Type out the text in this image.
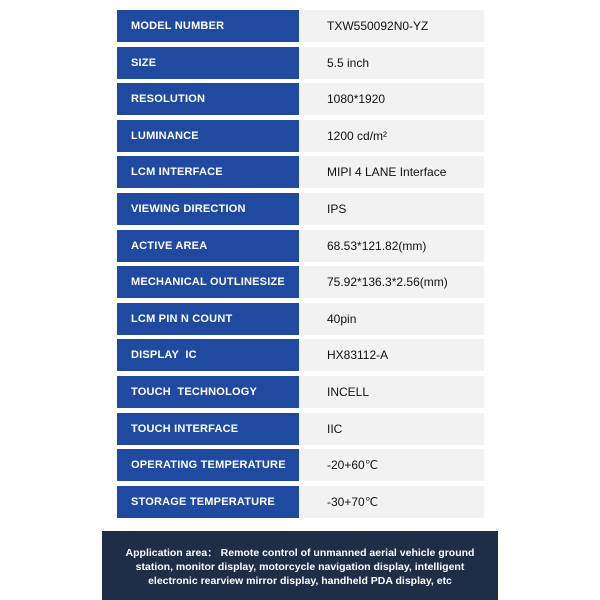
MODEL NUMBER	TXW550092N0-YZ
SIZE	5.5 inch
RESOLUTION	1080*1920
LUMINANCE	1200 cd/m²
LCM INTERFACE	MIPI 4 LANE Interface
VIEWING DIRECTION	IPS
ACTIVE AREA	68.53*121.82(mm)
MECHANICAL OUTLINESIZE	75.92*136.3*2.56(mm)
LCM PIN N COUNT	40pin
DISPLAY  IC	HX83112-A
TOUCH  TECHNOLOGY	INCELL
TOUCH INTERFACE	IIC
OPERATING TEMPERATURE	-20+60℃
STORAGE TEMPERATURE	-30+70℃
Application area： Remote control of unmanned aerial vehicle ground station, monitor display, motorcycle navigation display, intelligent electronic rearview mirror display, handheld PDA display, etc
